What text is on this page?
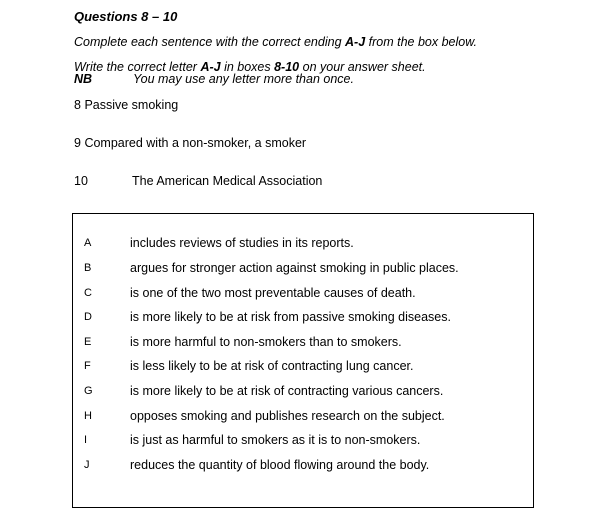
Questions 8 – 10
Complete each sentence with the correct ending A-J from the box below.
Write the correct letter A-J in boxes 8-10 on your answer sheet.
NB	You may use any letter more than once.
8 Passive smoking
9 Compared with a non-smoker, a smoker
10	The American Medical Association
A	includes reviews of studies in its reports.
B	argues for stronger action against smoking in public places.
C	is one of the two most preventable causes of death.
D	is more likely to be at risk from passive smoking diseases.
E	is more harmful to non-smokers than to smokers.
F	is less likely to be at risk of contracting lung cancer.
G	is more likely to be at risk of contracting various cancers.
H	opposes smoking and publishes research on the subject.
I	is just as harmful to smokers as it is to non-smokers.
J	reduces the quantity of blood flowing around the body.
